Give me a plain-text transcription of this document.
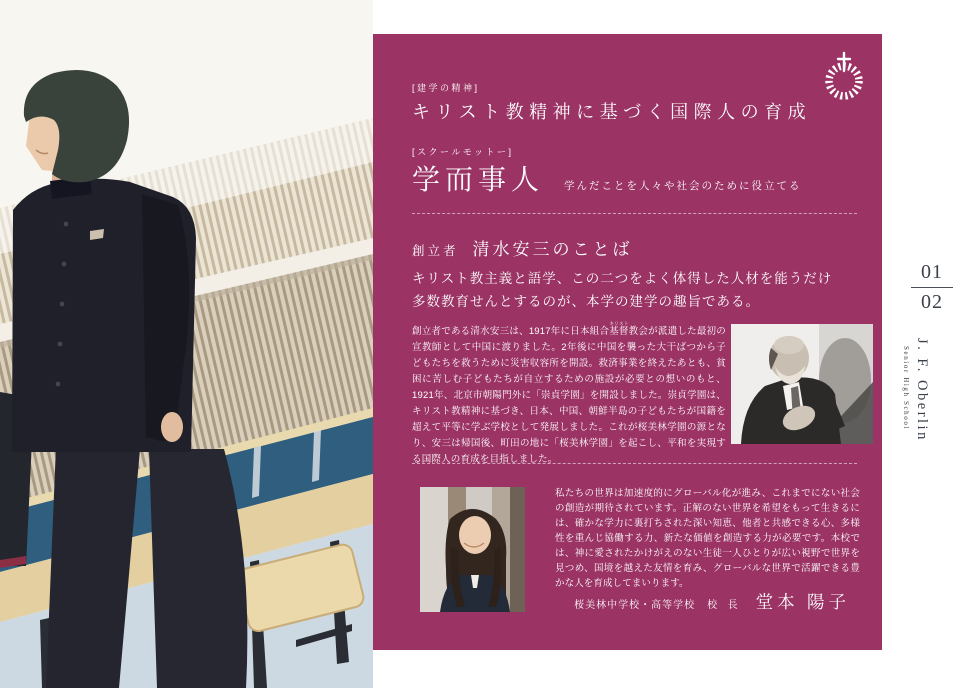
[建学の精神]
キリスト教精神に基づく国際人の育成
[スクールモットー]
学而事人 学んだことを人々や社会のために役立てる
創立者 清水安三のことば
キリスト教主義と語学、この二つをよく体得した人材を能うだけ
多数教育せんとするのが、本学の建学の趣旨である。

創立者である清水安三は、1917年に日本組合基督キリスト教会が派遣した最初の宣教師として中国に渡りました。2年後に中国を襲った大干ばつから子どもたちを救うために災害収容所を開設。救済事業を終えたあとも、貧困に苦しむ子どもたちが自立するための施設が必要との想いのもと、1921年、北京市朝陽門外に「崇貞学園」を開設しました。崇貞学園は、キリスト教精神に基づき、日本、中国、朝鮮半島の子どもたちが国籍を超えて平等に学ぶ学校として発展しました。これが桜美林学園の源となり、安三は帰国後、町田の地に「桜美林学園」を起こし、平和を実現する国際人の育成を目指しました。

私たちの世界は加速度的にグローバル化が進み、これまでにない社会の創造が期待されています。正解のない世界を希望をもって生きるには、確かな学力に裏打ちされた深い知恵、他者と共感できる心、多様性を重んじ協働する力、新たな価値を創造する力が必要です。本校では、神に愛されたかけがえのない生徒一人ひとりが広い視野で世界を見つめ、国境を越えた友情を育み、グローバルな世界で活躍できる豊かな人を育成してまいります。

桜美林中学校・高等学校 校 長 堂本 陽子
01
02
J. F. Oberlin
Senior High School
